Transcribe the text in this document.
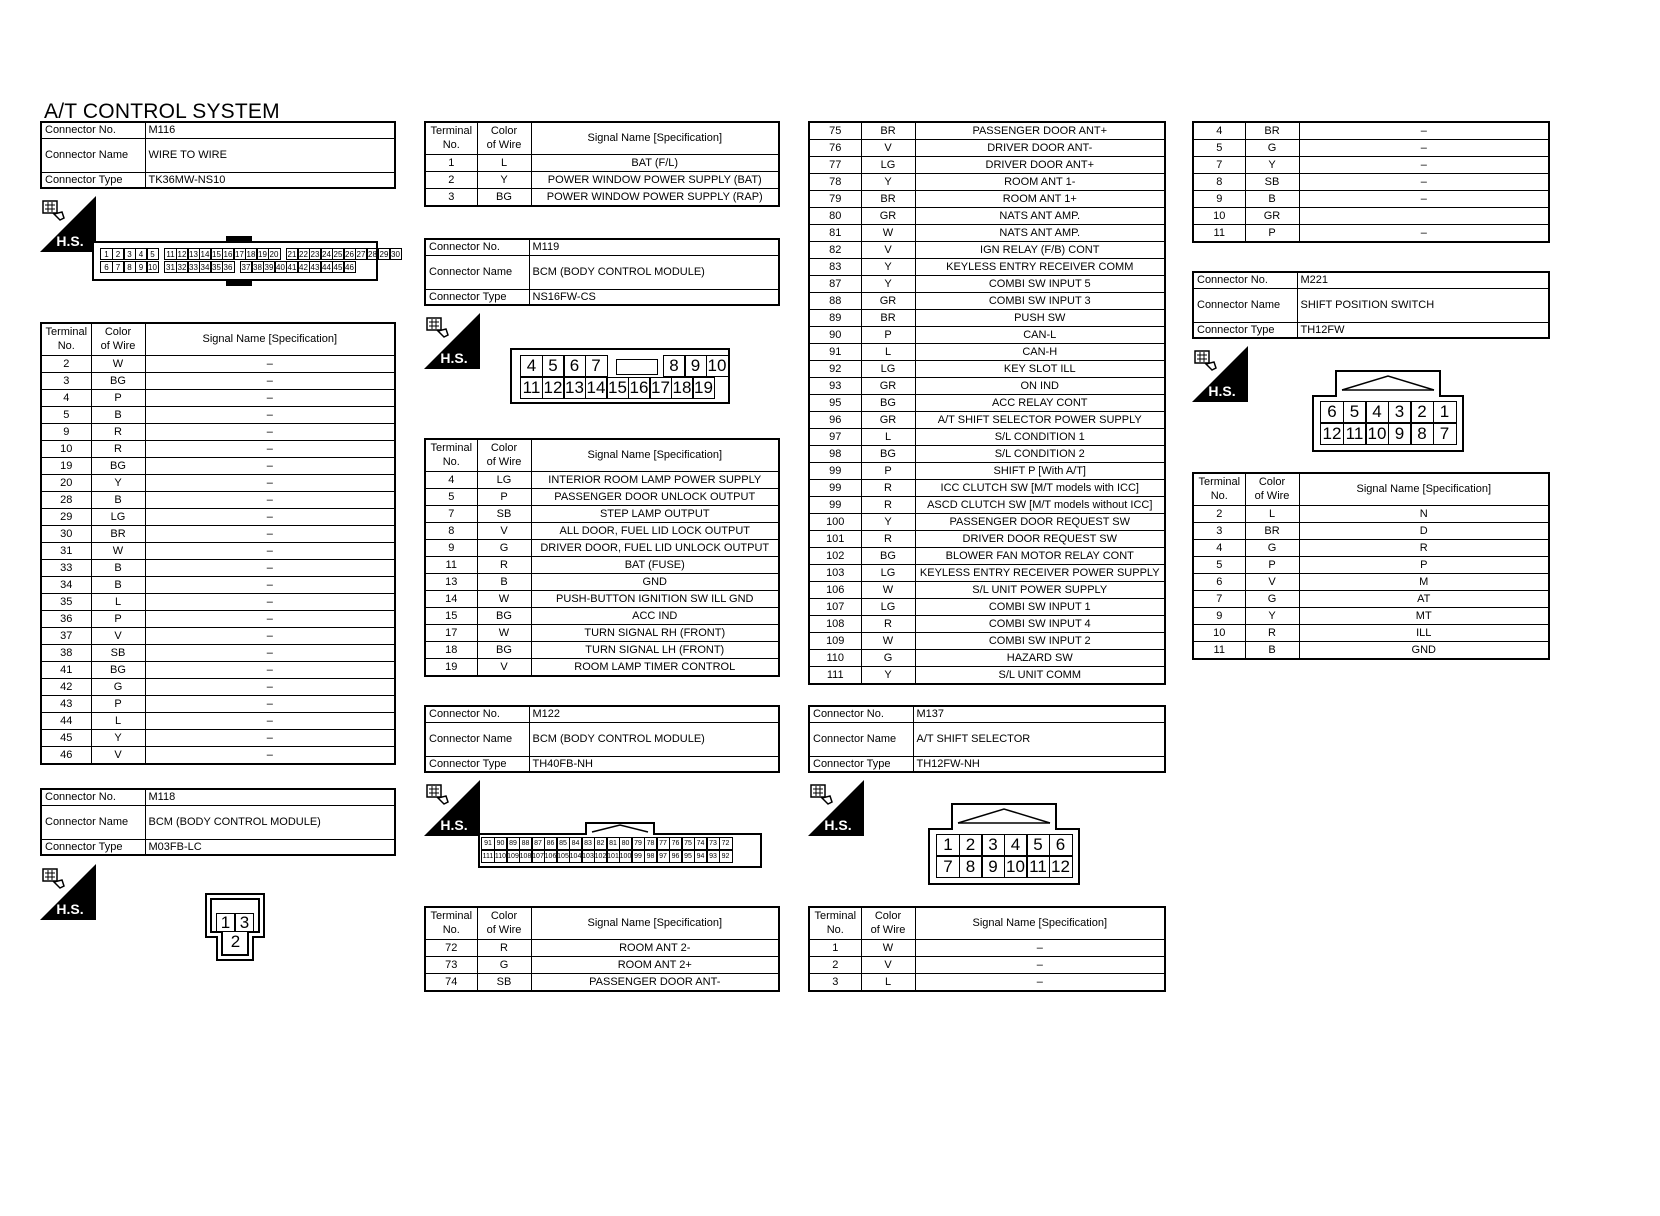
A/T CONTROL SYSTEM
Connector No.	M116
Connector Name	WIRE TO WIRE
Connector Type	TK36MW-NS10
H.S.
1 2 3 4 5	11 12 13 14 15 16 17 18 19 20 21 22 23 24 25 26 27 28 29 30
6 7 8 9 10 31 32 33 34 35 36 37 38 39 40 41 42 43 44 45 46
Terminal
No.	Color
of Wire	Signal Name [Specification]
2	W	–
3	BG	–
4	P	–
5	B	–
9	R	–
10	R	–
19	BG	–
20	Y	–
28	B	–
29	LG	–
30	BR	–
31	W	–
33	B	–
34	B	–
35	L	–
36	P	–
37	V	–
38	SB	–
41	BG	–
42	G	–
43	P	–
44	L	–
45	Y	–
46	V	–
Connector No.	M118
Connector Name	BCM (BODY CONTROL MODULE)
Connector Type	M03FB-LC
H.S.
1 3
2
Terminal
No.	Color
of Wire	Signal Name [Specification]
1	L	BAT (F/L)
2	Y	POWER WINDOW POWER SUPPLY (BAT)
3	BG	POWER WINDOW POWER SUPPLY (RAP)
Connector No.	M119
Connector Name	BCM (BODY CONTROL MODULE)
Connector Type	NS16FW-CS
H.S.	4 5 6 7	8 9 10
11 12 13 14 15 16 17 18 19
Terminal
No.	Color
of Wire	Signal Name [Specification]
4	LG	INTERIOR ROOM LAMP POWER SUPPLY
5	P	PASSENGER DOOR UNLOCK OUTPUT
7	SB	STEP LAMP OUTPUT
8	V	ALL DOOR, FUEL LID LOCK OUTPUT
9	G	DRIVER DOOR, FUEL LID UNLOCK OUTPUT
11	R	BAT (FUSE)
13	B	GND
14	W	PUSH-BUTTON IGNITION SW ILL GND
15	BG	ACC IND
17	W	TURN SIGNAL RH (FRONT)
18	BG	TURN SIGNAL LH (FRONT)
19	V	ROOM LAMP TIMER CONTROL
Connector No.	M122
Connector Name	BCM (BODY CONTROL MODULE)
Connector Type	TH40FB-NH
H.S.
91 90 89 88 87 86 85 84 83 82 81 80 79 78 77 76 75 74 73 72
111 110 109 108 107 106 105 104 103 102 101 100 99 98 97 96 95 94 93 92
Terminal
No.	Color
of Wire	Signal Name [Specification]
72	R	ROOM ANT 2-
73	G	ROOM ANT 2+
74	SB	PASSENGER DOOR ANT-
75	BR	PASSENGER DOOR ANT+
76	V	DRIVER DOOR ANT-
77	LG	DRIVER DOOR ANT+
78	Y	ROOM ANT 1-
79	BR	ROOM ANT 1+
80	GR	NATS ANT AMP.
81	W	NATS ANT AMP.
82	V	IGN RELAY (F/B) CONT
83	Y	KEYLESS ENTRY RECEIVER COMM
87	Y	COMBI SW INPUT 5
88	GR	COMBI SW INPUT 3
89	BR	PUSH SW
90	P	CAN-L
91	L	CAN-H
92	LG	KEY SLOT ILL
93	GR	ON IND
95	BG	ACC RELAY CONT
96	GR	A/T SHIFT SELECTOR POWER SUPPLY
97	L	S/L CONDITION 1
98	BG	S/L CONDITION 2
99	P	SHIFT P [With A/T]
99	R	ICC CLUTCH SW [M/T models with ICC]
99	R	ASCD CLUTCH SW [M/T models without ICC]
100	Y	PASSENGER DOOR REQUEST SW
101	R	DRIVER DOOR REQUEST SW
102	BG	BLOWER FAN MOTOR RELAY CONT
103	LG	KEYLESS ENTRY RECEIVER POWER SUPPLY
106	W	S/L UNIT POWER SUPPLY
107	LG	COMBI SW INPUT 1
108	R	COMBI SW INPUT 4
109	W	COMBI SW INPUT 2
110	G	HAZARD SW
111	Y	S/L UNIT COMM
Connector No.	M137
Connector Name	A/T SHIFT SELECTOR
Connector Type	TH12FW-NH
H.S.
1 2 3 4 5 6
7 8 9 10 11 12
Terminal
No.	Color
of Wire	Signal Name [Specification]
1	W	–
2	V	–
3	L	–
4	BR	–
5	G	–
7	Y	–
8	SB	–
9	B	–
10	GR	
11	P	–
Connector No.	M221
Connector Name	SHIFT POSITION SWITCH
Connector Type	TH12FW
H.S.
6 5 4 3 2 1
12 11 10 9 8 7
Terminal
No.	Color
of Wire	Signal Name [Specification]
2	L	N
3	BR	D
4	G	R
5	P	P
6	V	M
7	G	AT
9	Y	MT
10	R	ILL
11	B	GND
